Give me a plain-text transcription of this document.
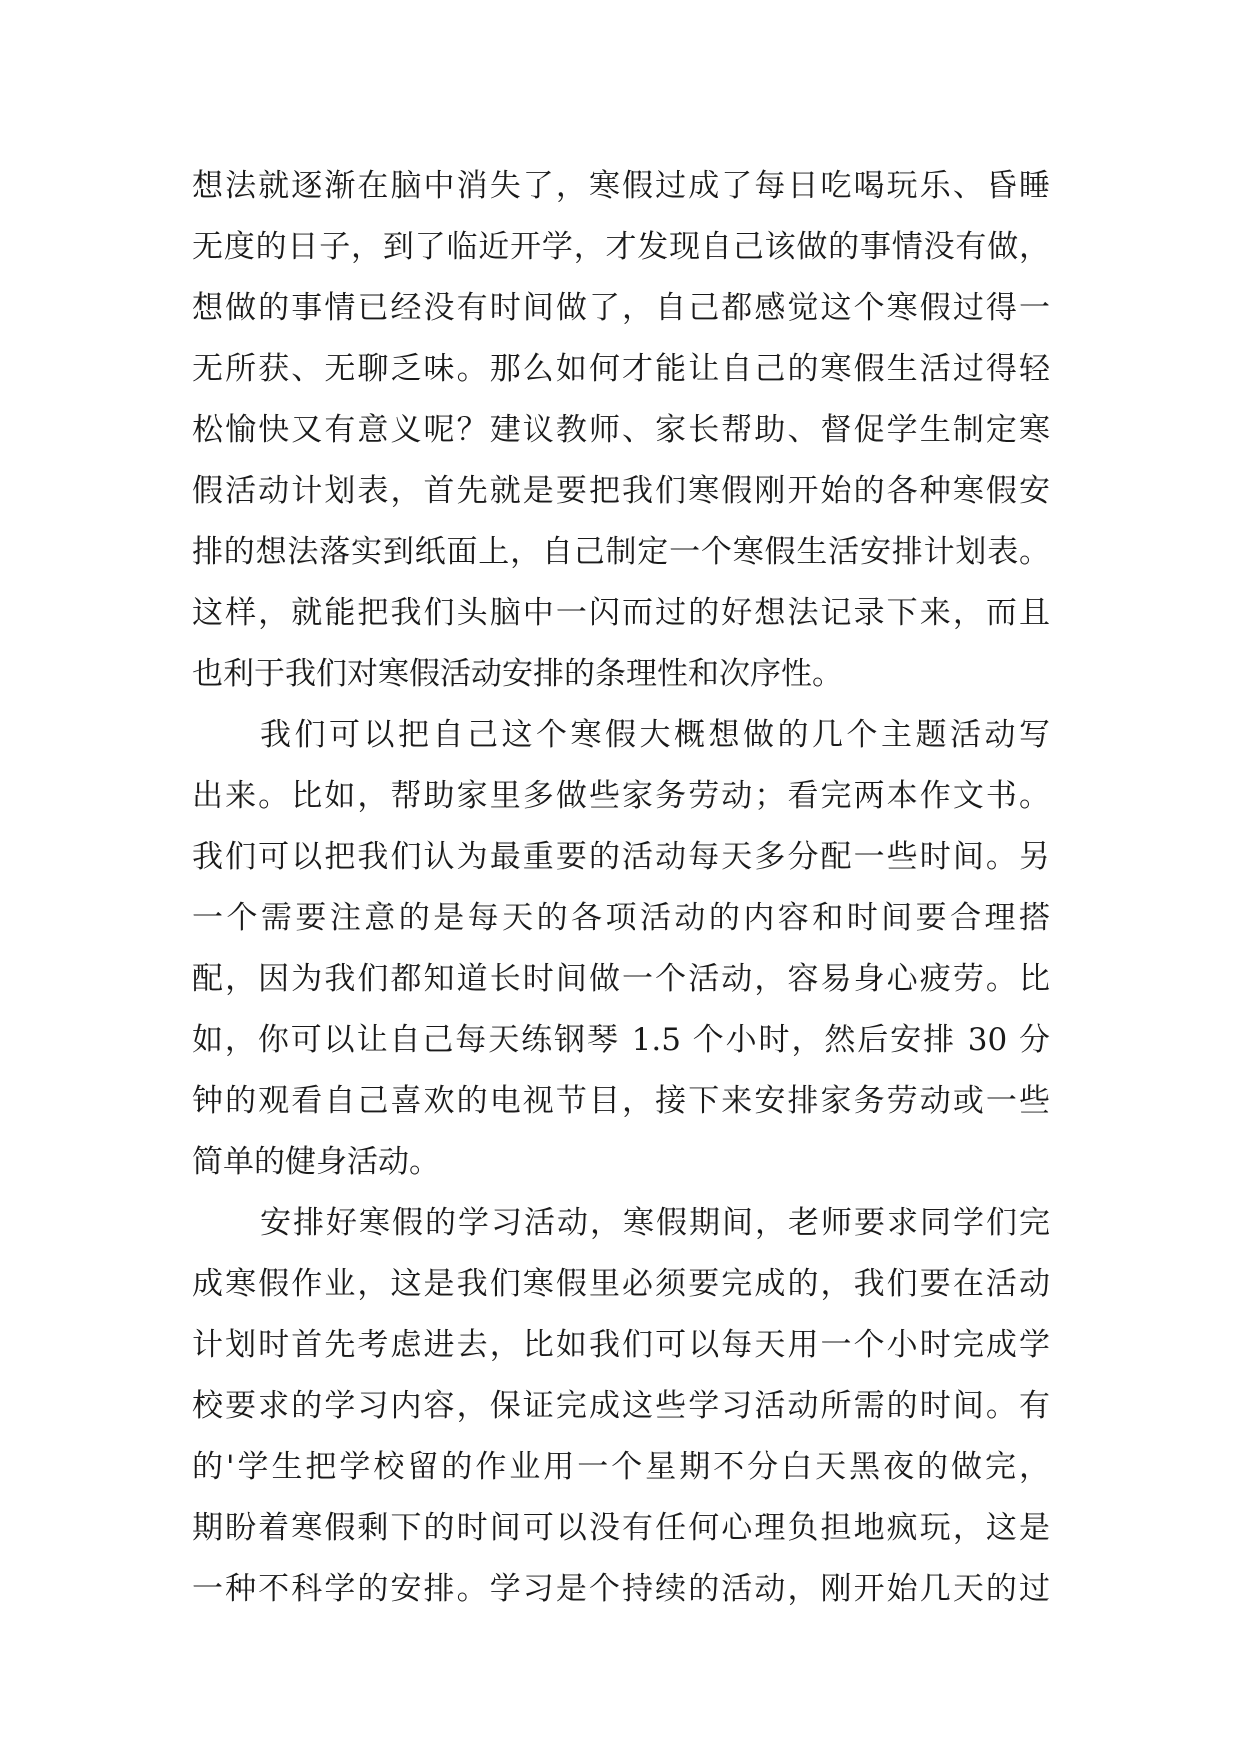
想法就逐渐在脑中消失了，寒假过成了每日吃喝玩乐、昏睡
无度的日子，到了临近开学，才发现自己该做的事情没有做，
想做的事情已经没有时间做了，自己都感觉这个寒假过得一
无所获、无聊乏味。那么如何才能让自己的寒假生活过得轻
松愉快又有意义呢？建议教师、家长帮助、督促学生制定寒
假活动计划表，首先就是要把我们寒假刚开始的各种寒假安
排的想法落实到纸面上，自己制定一个寒假生活安排计划表。
这样，就能把我们头脑中一闪而过的好想法记录下来，而且
也利于我们对寒假活动安排的条理性和次序性。
我们可以把自己这个寒假大概想做的几个主题活动写
出来。比如，帮助家里多做些家务劳动；看完两本作文书。
我们可以把我们认为最重要的活动每天多分配一些时间。另
一个需要注意的是每天的各项活动的内容和时间要合理搭
配，因为我们都知道长时间做一个活动，容易身心疲劳。比
如，你可以让自己每天练钢琴 1.5 个小时，然后安排 30 分
钟的观看自己喜欢的电视节目，接下来安排家务劳动或一些
简单的健身活动。
安排好寒假的学习活动，寒假期间，老师要求同学们完
成寒假作业，这是我们寒假里必须要完成的，我们要在活动
计划时首先考虑进去，比如我们可以每天用一个小时完成学
校要求的学习内容，保证完成这些学习活动所需的时间。有
的'学生把学校留的作业用一个星期不分白天黑夜的做完，
期盼着寒假剩下的时间可以没有任何心理负担地疯玩，这是
一种不科学的安排。学习是个持续的活动，刚开始几天的过
